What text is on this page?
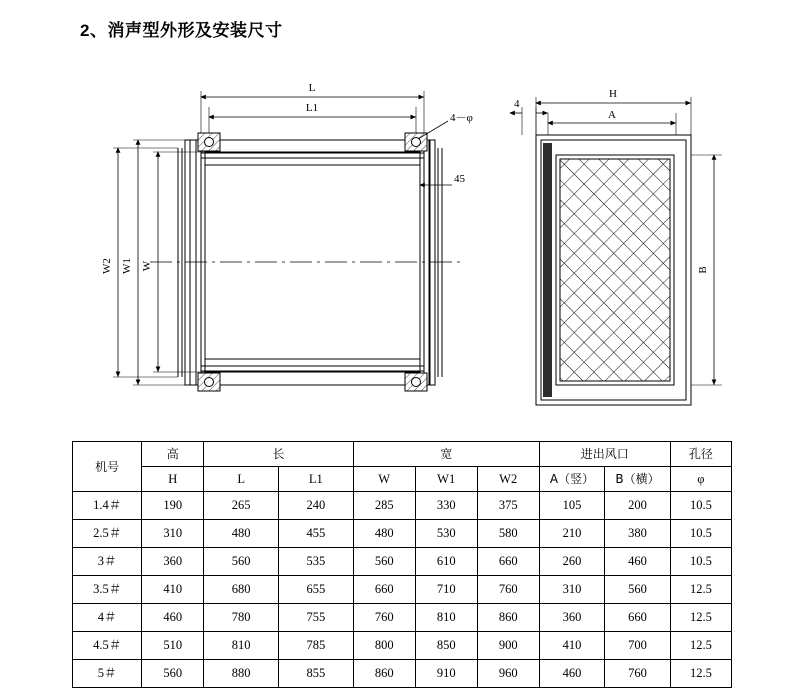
2、消声型外形及安装尺寸
L
L1
4－φ
45
W2 W1 W
4
H
A
B
机号	高	长		宽			进出风口		孔径
	H	L	L1	W	W1	W2	A（竖）	B（横）	φ
1.4＃	190	265	240	285	330	375	105	200	10.5
2.5＃	310	480	455	480	530	580	210	380	10.5
3＃	360	560	535	560	610	660	260	460	10.5
3.5＃	410	680	655	660	710	760	310	560	12.5
4＃	460	780	755	760	810	860	360	660	12.5
4.5＃	510	810	785	800	850	900	410	700	12.5
5＃	560	880	855	860	910	960	460	760	12.5
